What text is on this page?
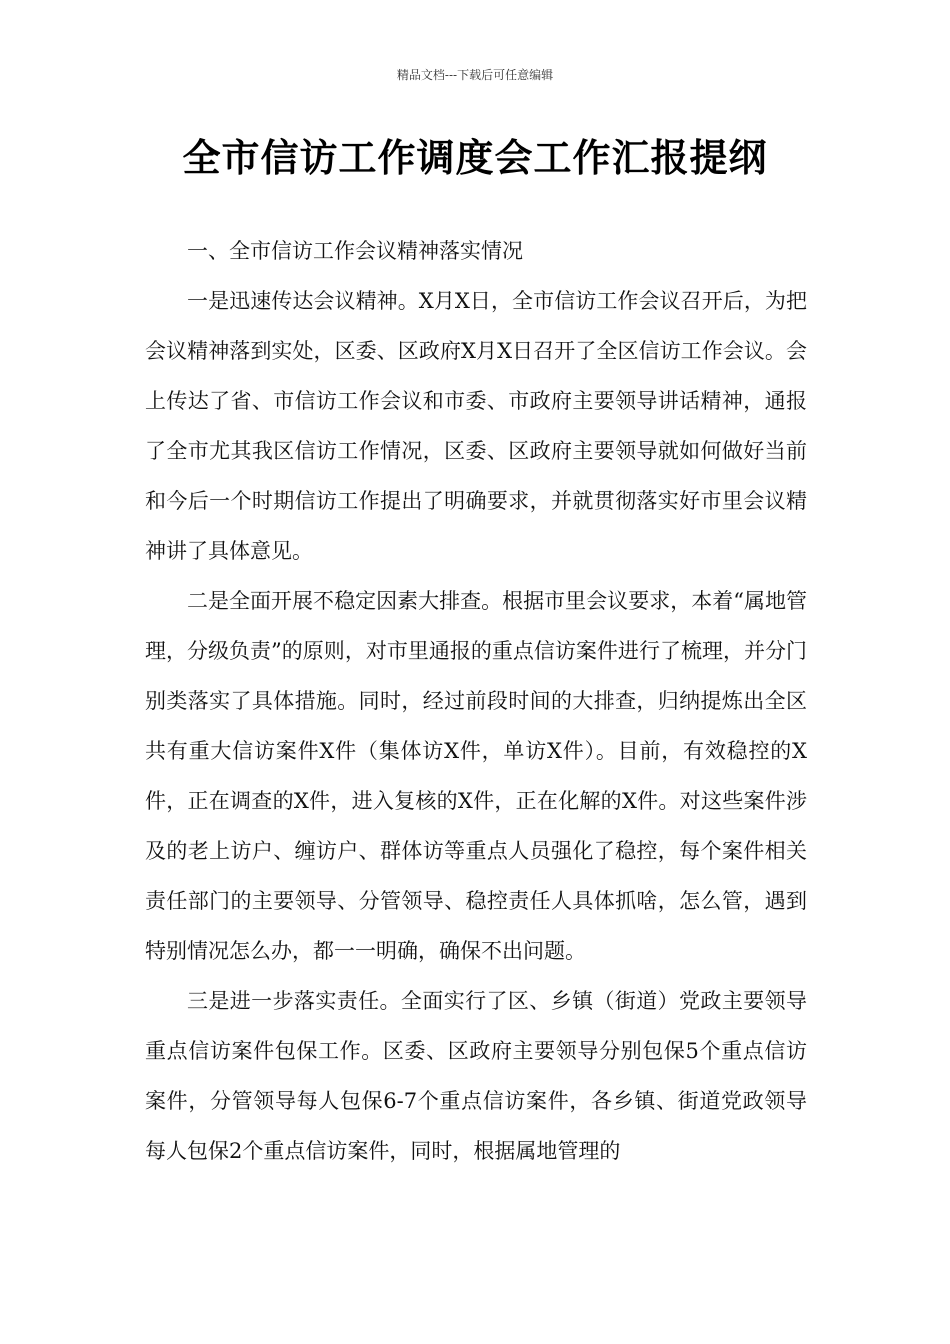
精品文档---下载后可任意编辑
全市信访工作调度会工作汇报提纲

一、全市信访工作会议精神落实情况

一是迅速传达会议精神。X月X日，全市信访工作会议召开后，为把会议精神落到实处，区委、区政府X月X日召开了全区信访工作会议。会上传达了省、市信访工作会议和市委、市政府主要领导讲话精神，通报了全市尤其我区信访工作情况，区委、区政府主要领导就如何做好当前和今后一个时期信访工作提出了明确要求，并就贯彻落实好市里会议精神讲了具体意见。

二是全面开展不稳定因素大排查。根据市里会议要求，本着“属地管理，分级负责”的原则，对市里通报的重点信访案件进行了梳理，并分门别类落实了具体措施。同时，经过前段时间的大排查，归纳提炼出全区共有重大信访案件X件（集体访X件，单访X件）。目前，有效稳控的X件，正在调查的X件，进入复核的X件，正在化解的X件。对这些案件涉及的老上访户、缠访户、群体访等重点人员强化了稳控，每个案件相关责任部门的主要领导、分管领导、稳控责任人具体抓啥，怎么管，遇到特别情况怎么办，都一一明确，确保不出问题。

三是进一步落实责任。全面实行了区、乡镇（街道）党政主要领导重点信访案件包保工作。区委、区政府主要领导分别包保5个重点信访案件，分管领导每人包保6-7个重点信访案件，各乡镇、街道党政领导每人包保2个重点信访案件，同时，根据属地管理的
